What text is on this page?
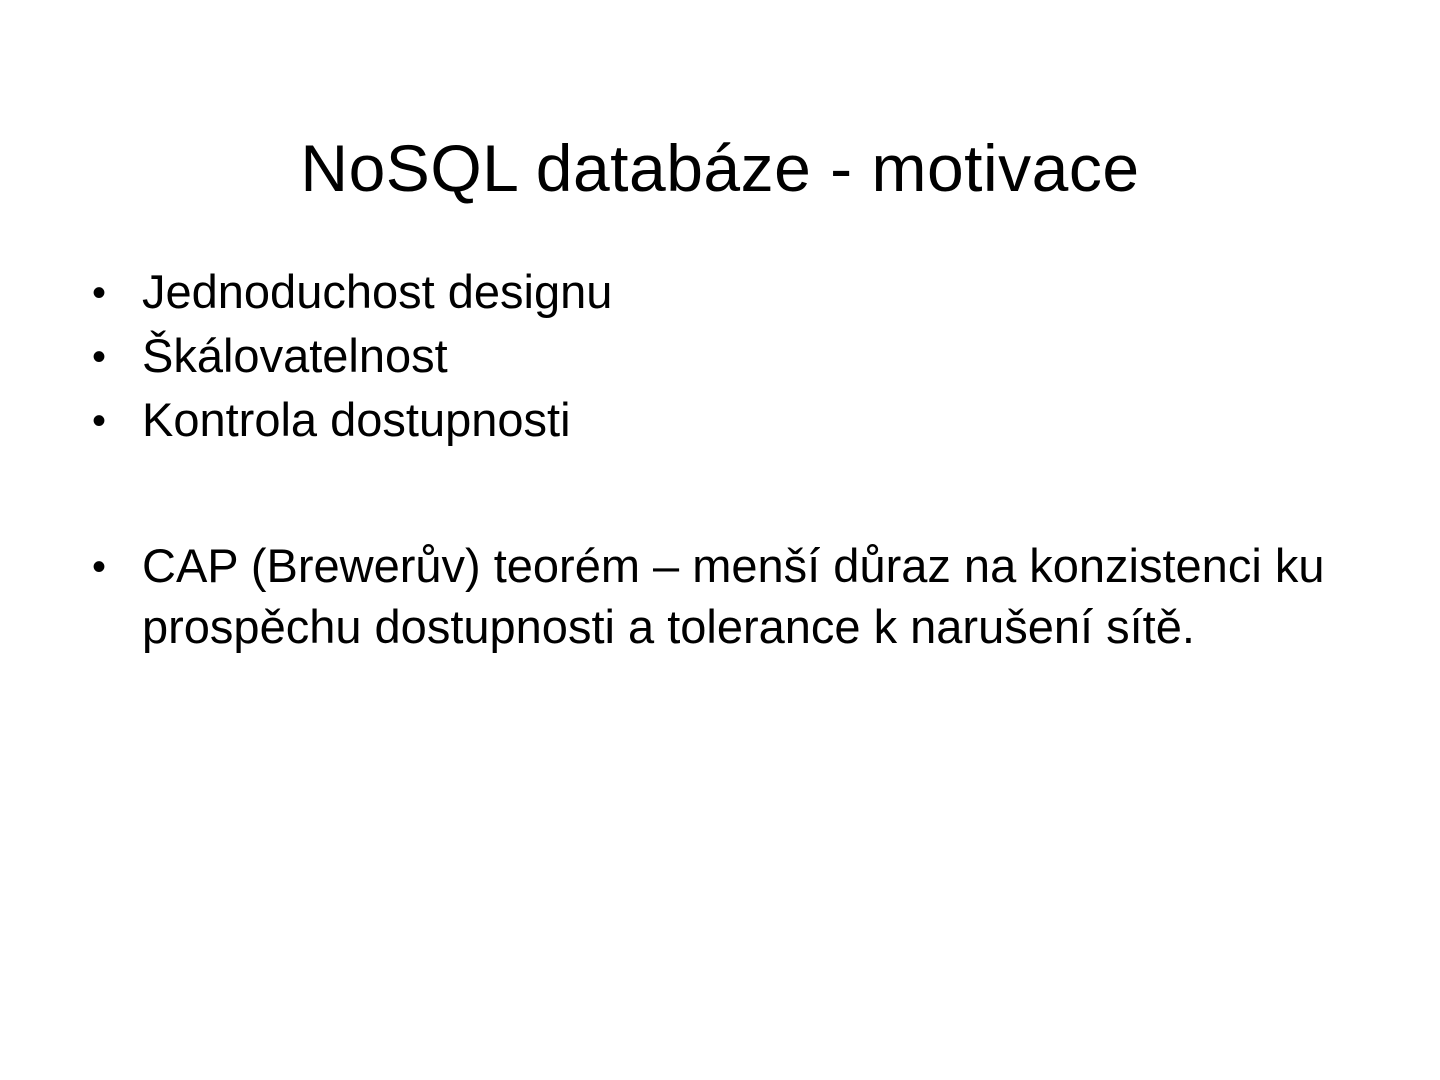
NoSQL databáze - motivace
• Jednoduchost designu
• Škálovatelnost
• Kontrola dostupnosti
• CAP (Brewerův) teorém – menší důraz na konzistenci ku prospěchu dostupnosti a tolerance k narušení sítě.
